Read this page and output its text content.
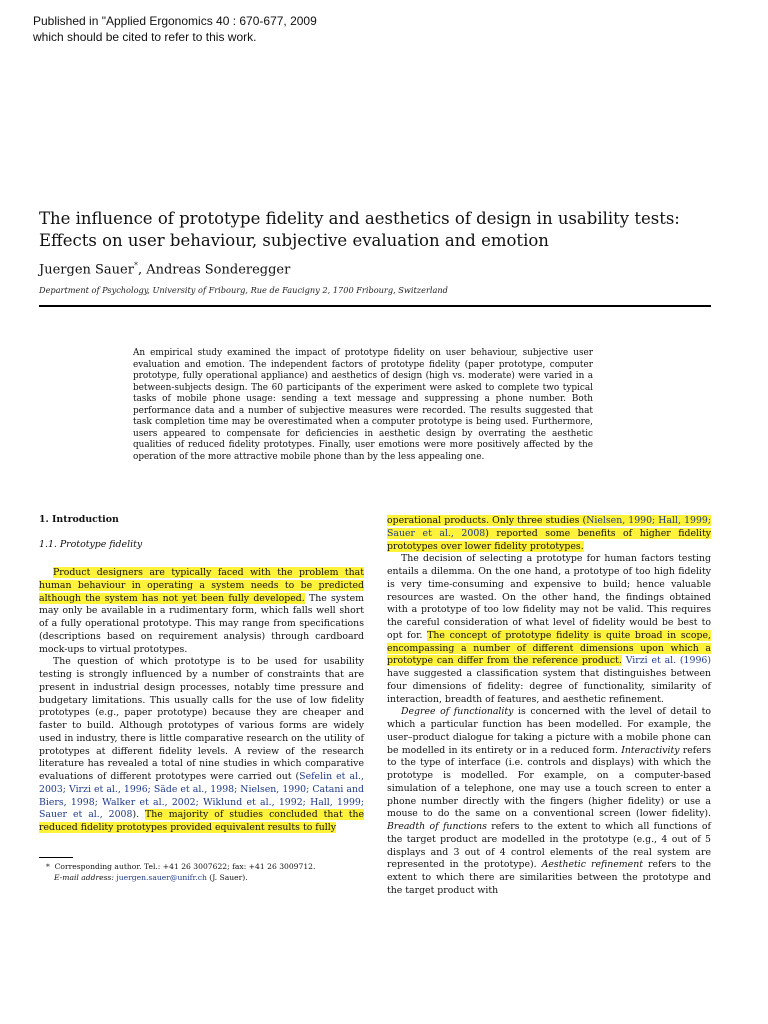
Published in "Applied Ergonomics 40 : 670-677, 2009
which should be cited to refer to this work.
The influence of prototype fidelity and aesthetics of design in usability tests:
Effects on user behaviour, subjective evaluation and emotion
Juergen Sauer*, Andreas Sonderegger
Department of Psychology, University of Fribourg, Rue de Faucigny 2, 1700 Fribourg, Switzerland

An empirical study examined the impact of prototype fidelity on user behaviour, subjective user evaluation and emotion. The independent factors of prototype fidelity (paper prototype, computer prototype, fully operational appliance) and aesthetics of design (high vs. moderate) were varied in a between-subjects design. The 60 participants of the experiment were asked to complete two typical tasks of mobile phone usage: sending a text message and suppressing a phone number. Both performance data and a number of subjective measures were recorded. The results suggested that task completion time may be overestimated when a computer prototype is being used. Furthermore, users appeared to compensate for deficiencies in aesthetic design by overrating the aesthetic qualities of reduced fidelity prototypes. Finally, user emotions were more positively affected by the operation of the more attractive mobile phone than by the less appealing one.

1. Introduction
1.1. Prototype fidelity

Product designers are typically faced with the problem that human behaviour in operating a system needs to be predicted although the system has not yet been fully developed. The system may only be available in a rudimentary form, which falls well short of a fully operational prototype. This may range from specifications (descriptions based on requirement analysis) through cardboard mock-ups to virtual prototypes.

The question of which prototype is to be used for usability testing is strongly influenced by a number of constraints that are present in industrial design processes, notably time pressure and budgetary limitations. This usually calls for the use of low fidelity prototypes (e.g., paper prototype) because they are cheaper and faster to build. Although prototypes of various forms are widely used in industry, there is little comparative research on the utility of prototypes at different fidelity levels. A review of the research literature has revealed a total of nine studies in which comparative evaluations of different prototypes were carried out (Sefelin et al., 2003; Virzi et al., 1996; Säde et al., 1998; Nielsen, 1990; Catani and Biers, 1998; Walker et al., 2002; Wiklund et al., 1992; Hall, 1999; Sauer et al., 2008). The majority of studies concluded that the reduced fidelity prototypes provided equivalent results to fully

operational products. Only three studies (Nielsen, 1990; Hall, 1999; Sauer et al., 2008) reported some benefits of higher fidelity prototypes over lower fidelity prototypes.

The decision of selecting a prototype for human factors testing entails a dilemma. On the one hand, a prototype of too high fidelity is very time-consuming and expensive to build; hence valuable resources are wasted. On the other hand, the findings obtained with a prototype of too low fidelity may not be valid. This requires the careful consideration of what level of fidelity would be best to opt for. The concept of prototype fidelity is quite broad in scope, encompassing a number of different dimensions upon which a prototype can differ from the reference product. Virzi et al. (1996) have suggested a classification system that distinguishes between four dimensions of fidelity: degree of functionality, similarity of interaction, breadth of features, and aesthetic refinement.

Degree of functionality is concerned with the level of detail to which a particular function has been modelled. For example, the user–product dialogue for taking a picture with a mobile phone can be modelled in its entirety or in a reduced form. Interactivity refers to the type of interface (i.e. controls and displays) with which the prototype is modelled. For example, on a computer-based simulation of a telephone, one may use a touch screen to enter a phone number directly with the fingers (higher fidelity) or use a mouse to do the same on a conventional screen (lower fidelity). Breadth of functions refers to the extent to which all functions of the target product are modelled in the prototype (e.g., 4 out of 5 displays and 3 out of 4 control elements of the real system are represented in the prototype). Aesthetic refinement refers to the extent to which there are similarities between the prototype and the target product with

* Corresponding author. Tel.: +41 26 3007622; fax: +41 26 3009712.
E-mail address: juergen.sauer@unifr.ch (J. Sauer).
